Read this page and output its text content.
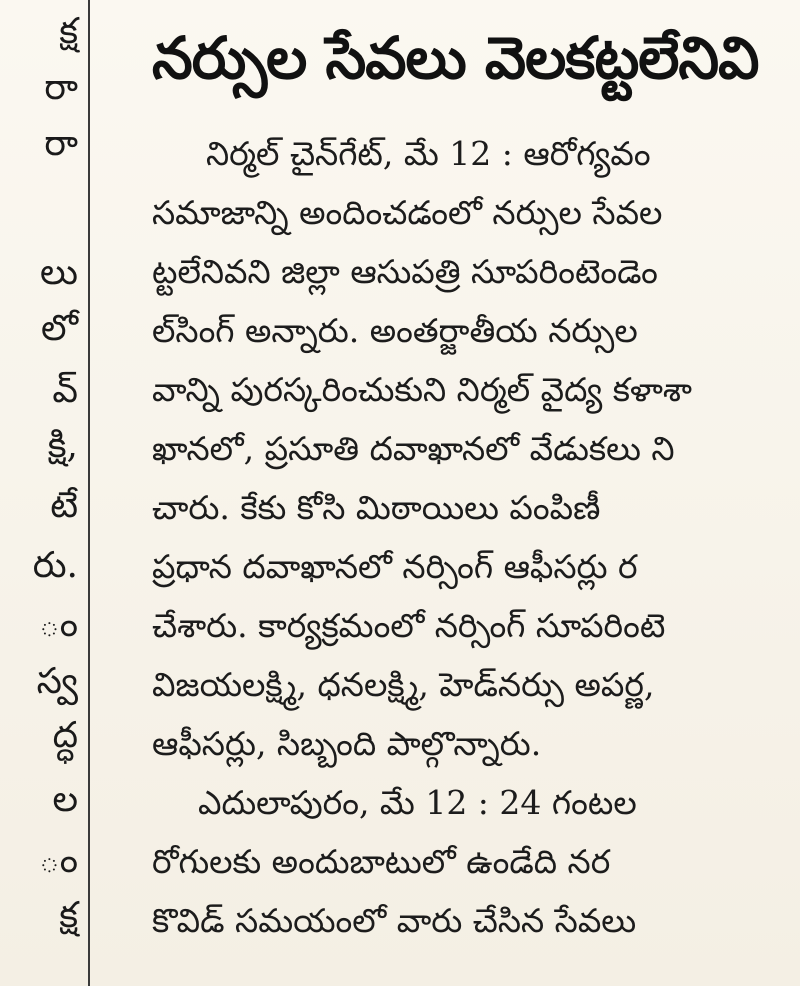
క్ష
రా
రా
లు
లో
వ్
క్షి,
టే
రు.
ం
స్వ
ద్ధ
ల
ం
క్ష
నర్సుల సేవలు వెలకట్టలేనివి
నిర్మల్ చైన్‌గేట్, మే 12 : ఆరోగ్యవం
సమాజాన్ని అందించడంలో నర్సుల సేవల
ట్టలేనివని జిల్లా ఆసుపత్రి సూపరింటెండెం
ల్‌సింగ్ అన్నారు. అంతర్జాతీయ నర్సుల
వాన్ని పురస్కరించుకుని నిర్మల్ వైద్య కళాశా
ఖానలో, ప్రసూతి దవాఖానలో వేడుకలు ని
చారు. కేకు కోసి మిఠాయిలు పంపిణీ
ప్రధాన దవాఖానలో నర్సింగ్ ఆఫీసర్లు ర
చేశారు. కార్యక్రమంలో నర్సింగ్ సూపరింటె
విజయలక్ష్మి, ధనలక్ష్మి, హెడ్‌నర్సు అపర్ణ,
ఆఫీసర్లు, సిబ్బంది పాల్గొన్నారు.
ఎదులాపురం, మే 12 : 24 గంటల
రోగులకు అందుబాటులో ఉండేది నర
కొవిడ్ సమయంలో వారు చేసిన సేవలు
